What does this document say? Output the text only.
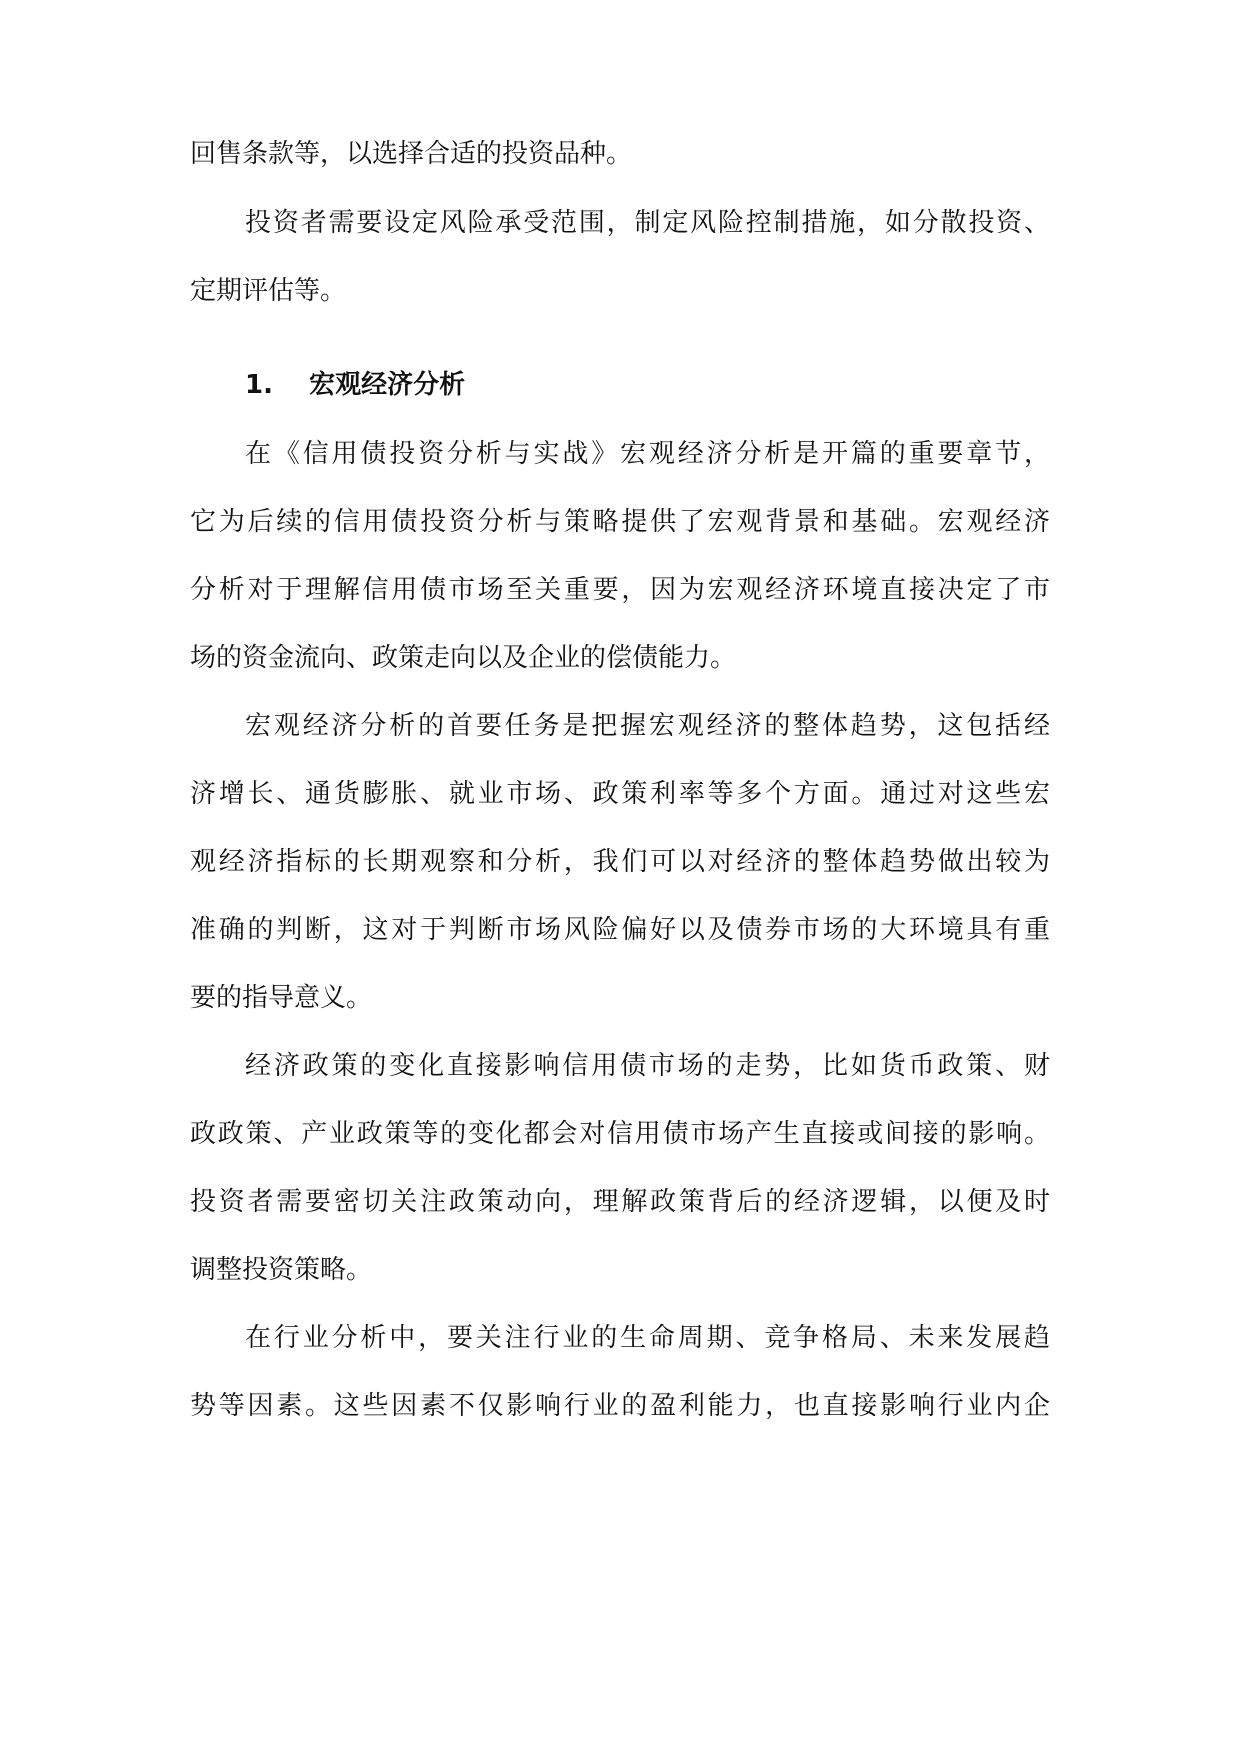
回售条款等，以选择合适的投资品种。
投资者需要设定风险承受范围，制定风险控制措施，如分散投资、
定期评估等。
1. 宏观经济分析
在《信用债投资分析与实战》宏观经济分析是开篇的重要章节，
它为后续的信用债投资分析与策略提供了宏观背景和基础。宏观经济
分析对于理解信用债市场至关重要，因为宏观经济环境直接决定了市
场的资金流向、政策走向以及企业的偿债能力。
宏观经济分析的首要任务是把握宏观经济的整体趋势，这包括经
济增长、通货膨胀、就业市场、政策利率等多个方面。通过对这些宏
观经济指标的长期观察和分析，我们可以对经济的整体趋势做出较为
准确的判断，这对于判断市场风险偏好以及债券市场的大环境具有重
要的指导意义。
经济政策的变化直接影响信用债市场的走势，比如货币政策、财
政政策、产业政策等的变化都会对信用债市场产生直接或间接的影响。
投资者需要密切关注政策动向，理解政策背后的经济逻辑，以便及时
调整投资策略。
在行业分析中，要关注行业的生命周期、竞争格局、未来发展趋
势等因素。这些因素不仅影响行业的盈利能力，也直接影响行业内企
